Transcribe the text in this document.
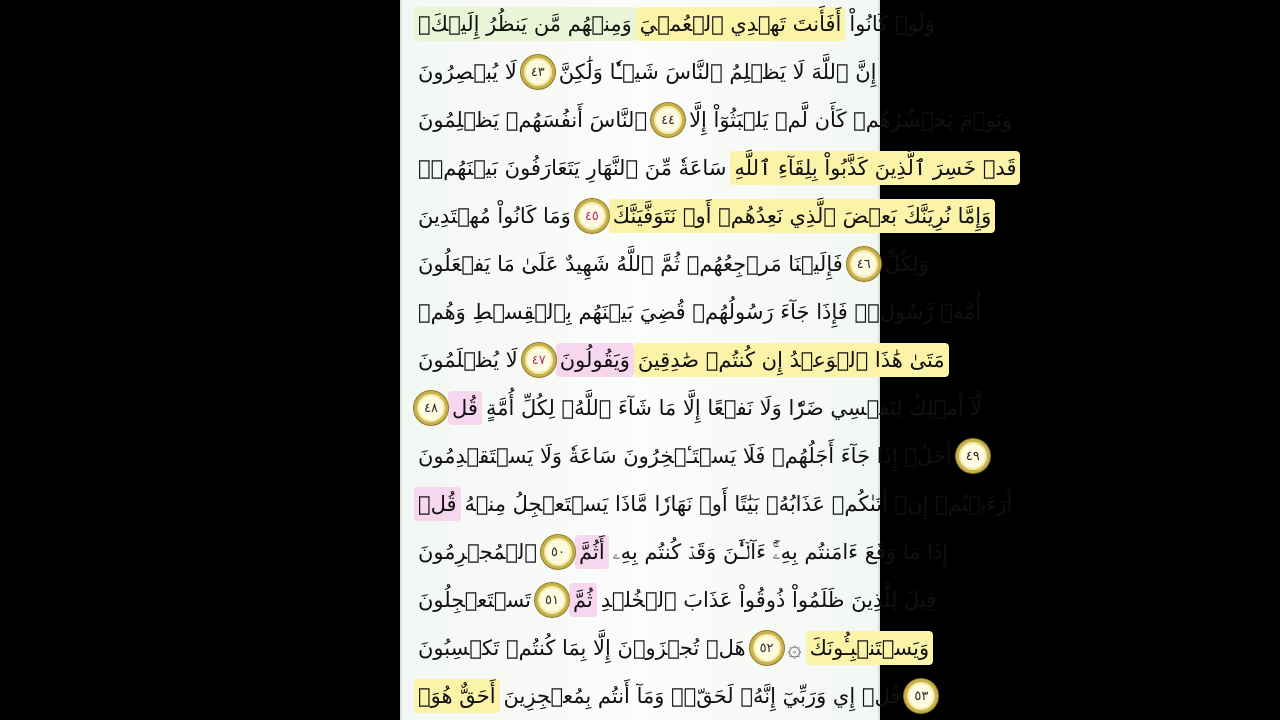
وَمِنۡهُم مَّن يَنظُرُ إِلَيۡكَۚ أَفَأَنتَ تَهۡدِي ٱلۡعُمۡيَ وَلَوۡ كَانُواْ
لَا يُبۡصِرُونَ	٤٣ إِنَّ ٱللَّهَ لَا يَظۡلِمُ ٱلنَّاسَ شَيۡـٔٗا وَلَٰكِنَّ
ٱلنَّاسَ أَنفُسَهُمۡ يَظۡلِمُونَ	٤٤ وَيَوۡمَ يَحۡشُرُهُمۡ كَأَن لَّمۡ يَلۡبَثُوٓاْ إِلَّا
سَاعَةٗ مِّنَ ٱلنَّهَارِ يَتَعَارَفُونَ بَيۡنَهُمۡۚ قَدۡ خَسِرَ ٱلَّذِينَ كَذَّبُواْ بِلِقَآءِ ٱللَّهِ
وَمَا كَانُواْ مُهۡتَدِينَ	٤٥ وَإِمَّا نُرِيَنَّكَ بَعۡضَ ٱلَّذِي نَعِدُهُمۡ أَوۡ نَتَوَفَّيَنَّكَ
فَإِلَيۡنَا مَرۡجِعُهُمۡ ثُمَّ ٱللَّهُ شَهِيدٌ عَلَىٰ مَا يَفۡعَلُونَ	٤٦ وَلِكُلِّ
أُمَّةٖ رَّسُولٞۖ فَإِذَا جَآءَ رَسُولُهُمۡ قُضِيَ بَيۡنَهُم بِٱلۡقِسۡطِ وَهُمۡ
لَا يُظۡلَمُونَ	٤٧ وَيَقُولُونَ مَتَىٰ هَٰذَا ٱلۡوَعۡدُ إِن كُنتُمۡ صَٰدِقِينَ
٤٨ قُل لَّآ أَمۡلِكُ لِنَفۡسِي ضَرّٗا وَلَا نَفۡعًا إِلَّا مَا شَآءَ ٱللَّهُۗ لِكُلِّ أُمَّةٍ
أَجَلٌۚ إِذَا جَآءَ أَجَلُهُمۡ فَلَا يَسۡتَـٔۡخِرُونَ سَاعَةٗ وَلَا يَسۡتَقۡدِمُونَ	٤٩
قُلۡ أَرَءَيۡتُمۡ إِنۡ أَتَىٰكُمۡ عَذَابُهُۥ بَيَٰتًا أَوۡ نَهَارٗا مَّاذَا يَسۡتَعۡجِلُ مِنۡهُ
ٱلۡمُجۡرِمُونَ	٥٠ أَثُمَّ إِذَا مَا وَقَعَ ءَامَنتُم بِهِۦٓۚ ءَآلۡـَٰٔنَ وَقَدۡ كُنتُم بِهِۦ
تَسۡتَعۡجِلُونَ	٥١ ثُمَّ قِيلَ لِلَّذِينَ ظَلَمُواْ ذُوقُواْ عَذَابَ ٱلۡخُلۡدِ
هَلۡ تُجۡزَوۡنَ إِلَّا بِمَا كُنتُمۡ تَكۡسِبُونَ	٥٢ ۞ وَيَسۡتَنۢبِـُٔونَكَ
أَحَقٌّ هُوَۖ قُلۡ إِي وَرَبِّيٓ إِنَّهُۥ لَحَقّٞۖ وَمَآ أَنتُم بِمُعۡجِزِينَ	٥٣
